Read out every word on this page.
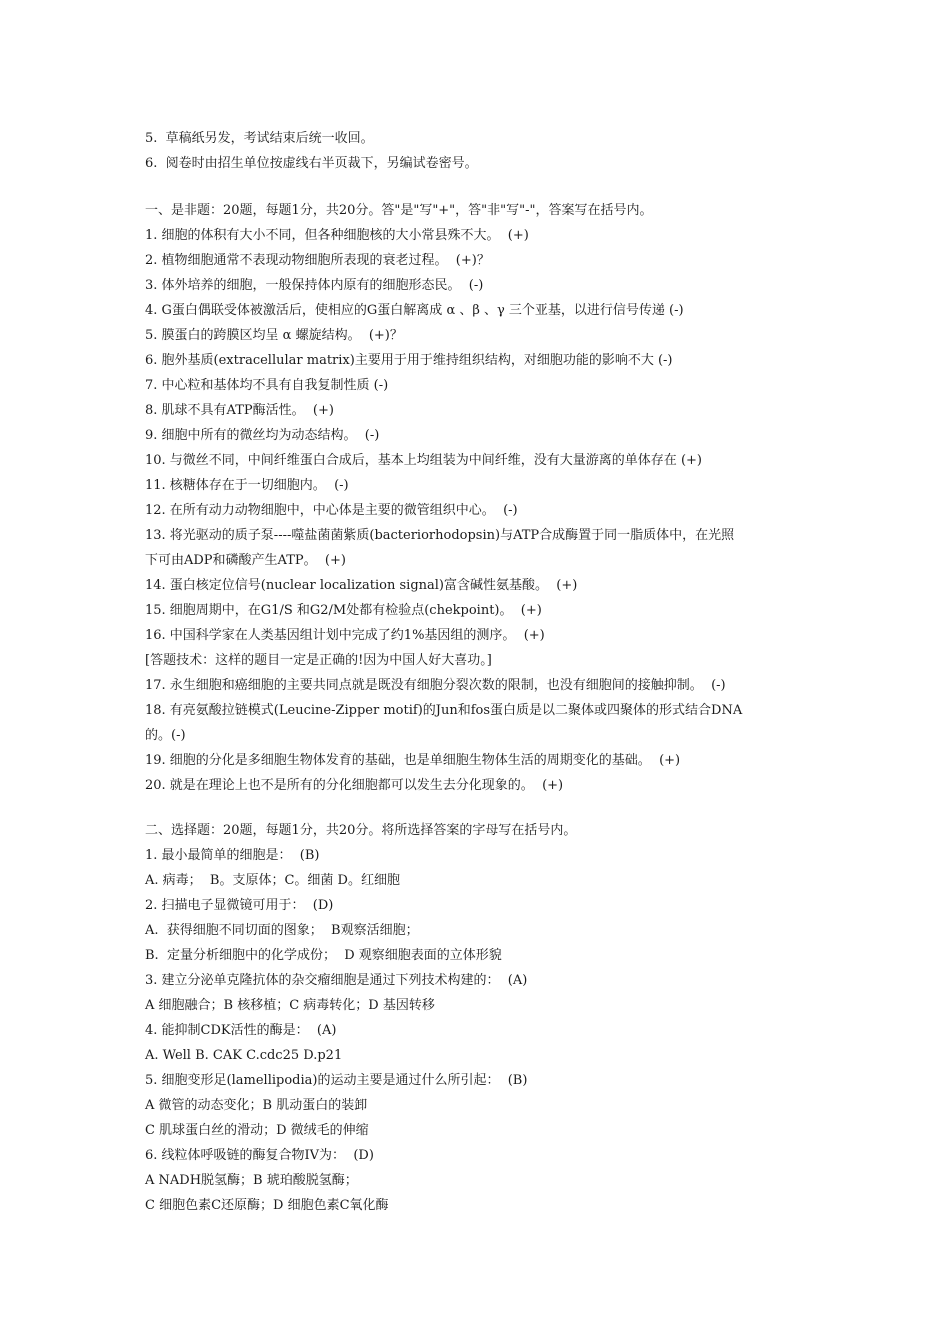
5.  草稿纸另发，考试结束后统一收回。
6.  阅卷时由招生单位按虚线右半页裁下，另编试卷密号。
一、是非题：20题，每题1分，共20分。答"是"写"+"，答"非"写"-"，答案写在括号内。
1. 细胞的体积有大小不同，但各种细胞核的大小常县殊不大。  (+)
2. 植物细胞通常不表现动物细胞所表现的衰老过程。  (+)？
3. 体外培养的细胞，一般保持体内原有的细胞形态民。  (-)
4. G蛋白偶联受体被激活后，使相应的G蛋白解离成 α 、β 、γ 三个亚基，以进行信号传递 (-)
5. 膜蛋白的跨膜区均呈 α 螺旋结构。  (+)？
6. 胞外基质(extracellular matrix)主要用于用于维持组织结构，对细胞功能的影响不大 (-)
7. 中心粒和基体均不具有自我复制性质 (-)
8. 肌球不具有ATP酶活性。  (+)
9. 细胞中所有的微丝均为动态结构。  (-)
10. 与微丝不同，中间纤维蛋白合成后，基本上均组装为中间纤维，没有大量游离的单体存在 (+)
11. 核糖体存在于一切细胞内。  (-)
12. 在所有动力动物细胞中，中心体是主要的微管组织中心。  (-)
13. 将光驱动的质子泵----噬盐菌菌紫质(bacteriorhodopsin)与ATP合成酶置于同一脂质体中，在光照
下可由ADP和磷酸产生ATP。  (+)
14. 蛋白核定位信号(nuclear localization signal)富含碱性氨基酸。  (+)
15. 细胞周期中，在G1/S 和G2/M处都有检验点(chekpoint)。  (+)
16. 中国科学家在人类基因组计划中完成了约1%基因组的测序。  (+)
[答题技术：这样的题目一定是正确的!因为中国人好大喜功。]
17. 永生细胞和癌细胞的主要共同点就是既没有细胞分裂次数的限制，也没有细胞间的接触抑制。  (-)
18. 有亮氨酸拉链模式(Leucine-Zipper motif)的Jun和fos蛋白质是以二聚体或四聚体的形式结合DNA
的。(-)
19. 细胞的分化是多细胞生物体发育的基础，也是单细胞生物体生活的周期变化的基础。  (+)
20. 就是在理论上也不是所有的分化细胞都可以发生去分化现象的。  (+)
二、选择题：20题，每题1分，共20分。将所选择答案的字母写在括号内。
1. 最小最简单的细胞是：  (B)
A. 病毒；  B。支原体；C。细菌 D。红细胞
2. 扫描电子显微镜可用于：  (D)
A.  获得细胞不同切面的图象；  B观察活细胞；
B.  定量分析细胞中的化学成份；  D 观察细胞表面的立体形貌
3. 建立分泌单克隆抗体的杂交瘤细胞是通过下列技术构建的：  (A)
A 细胞融合；B 核移植；C 病毒转化；D 基因转移
4. 能抑制CDK活性的酶是：  (A)
A. Well B. CAK C.cdc25 D.p21
5. 细胞变形足(lamellipodia)的运动主要是通过什么所引起：  (B)
A 微管的动态变化；B 肌动蛋白的装卸
C 肌球蛋白丝的滑动；D 微绒毛的伸缩
6. 线粒体呼吸链的酶复合物IV为：  (D)
A NADH脱氢酶；B 琥珀酸脱氢酶；
C 细胞色素C还原酶；D 细胞色素C氧化酶
